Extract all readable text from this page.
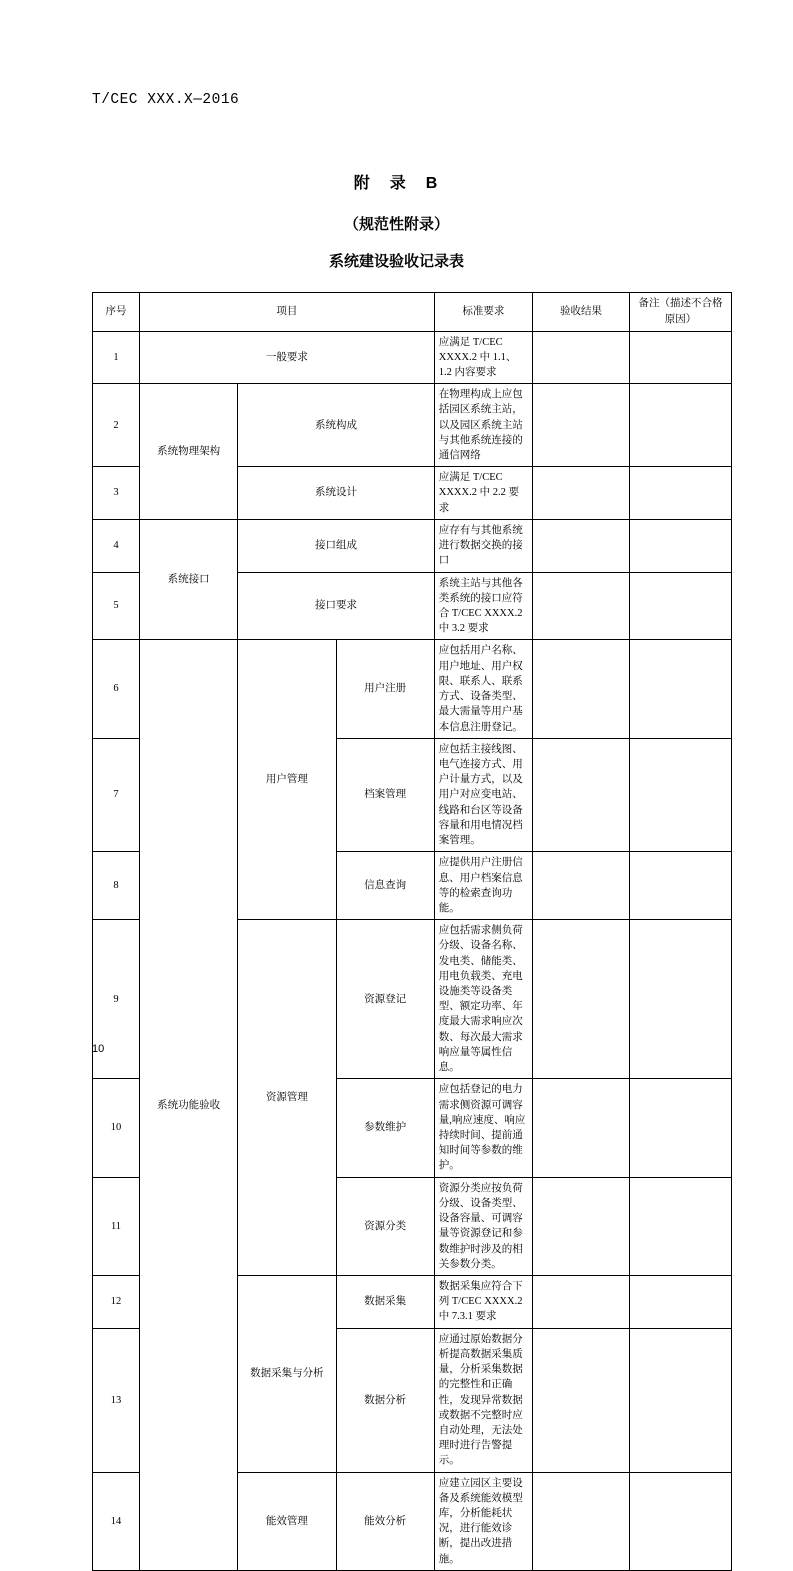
T/CEC XXX.X—2016
附　录　B
（规范性附录）
系统建设验收记录表
序号	项目			标准要求	验收结果	备注（描述不合格
原因）

1	一般要求			应满足 T/CEC XXXX.2 中 1.1、1.2 内容要求		
2	系统物理架构	系统构成		在物理构成上应包括园区系统主站，以及园区系统主站与其他系统连接的通信网络		
3		系统设计		应满足 T/CEC XXXX.2 中 2.2 要求		
4	系统接口	接口组成		应存有与其他系统进行数据交换的接口		
5		接口要求		系统主站与其他各类系统的接口应符合 T/CEC XXXX.2 中 3.2 要求		
6	系统功能验收	用户管理	用户注册	应包括用户名称、用户地址、用户权限、联系人、联系方式、设备类型、最大需量等用户基本信息注册登记。		
7			档案管理	应包括主接线图、电气连接方式、用户计量方式，以及用户对应变电站、线路和台区等设备容量和用电情况档案管理。		
8			信息查询	应提供用户注册信息、用户档案信息等的检索查询功能。		
9		资源管理	资源登记	应包括需求侧负荷分级、设备名称、发电类、储能类、用电负载类、充电设施类等设备类型、额定功率、年度最大需求响应次数、每次最大需求响应量等属性信息。		
10			参数维护	应包括登记的电力需求侧资源可调容量,响应速度、响应持续时间、提前通知时间等参数的维护。		
11			资源分类	资源分类应按负荷分级、设备类型、设备容量、可调容量等资源登记和参数维护时涉及的相关参数分类。		
12		数据采集与分析	数据采集	数据采集应符合下列 T/CEC XXXX.2 中 7.3.1 要求		
13			数据分析	应通过原始数据分析提高数据采集质量，分析采集数据的完整性和正确性，发现异常数据或数据不完整时应自动处理，无法处理时进行告警提示。		
14		能效管理	能效分析	应建立园区主要设备及系统能效模型库，分析能耗状况，进行能效诊断，提出改进措施。		
10
